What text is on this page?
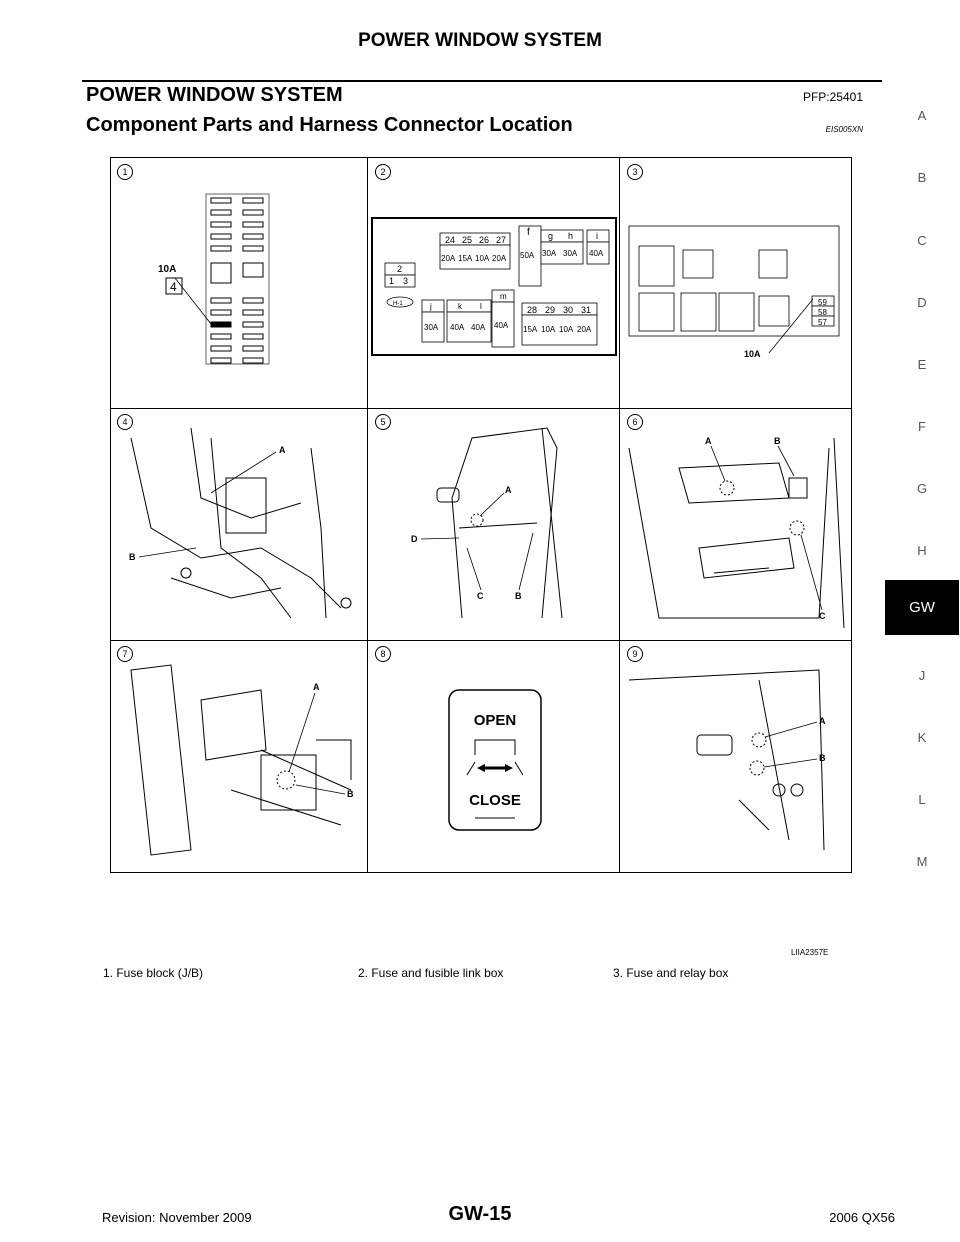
POWER WINDOW SYSTEM
POWER WINDOW SYSTEM	PFP:25401
Component Parts and Harness Connector Location	EIS005XN
A
B
C
D
E
F
G
H
GW
J
K
L
M
1	2	3
4	5	6
7	8	9
10A
4
24 25 26 27
20A 15A 10A 20A
f
50A
g
30A
h
30A
i
40A
2
1 3
H-1	j
30A
k
40A
l
40A
m
40A
28 29 30 31
15A 10A 10A 20A
59
58
57
10A
A
B
A
D
C	B
A	B
C
A
B
OPEN
CLOSE
A
B
LIIA2357E
1. Fuse block (J/B)	2. Fuse and fusible link box	3. Fuse and relay box
Revision: November 2009	GW-15	2006 QX56
